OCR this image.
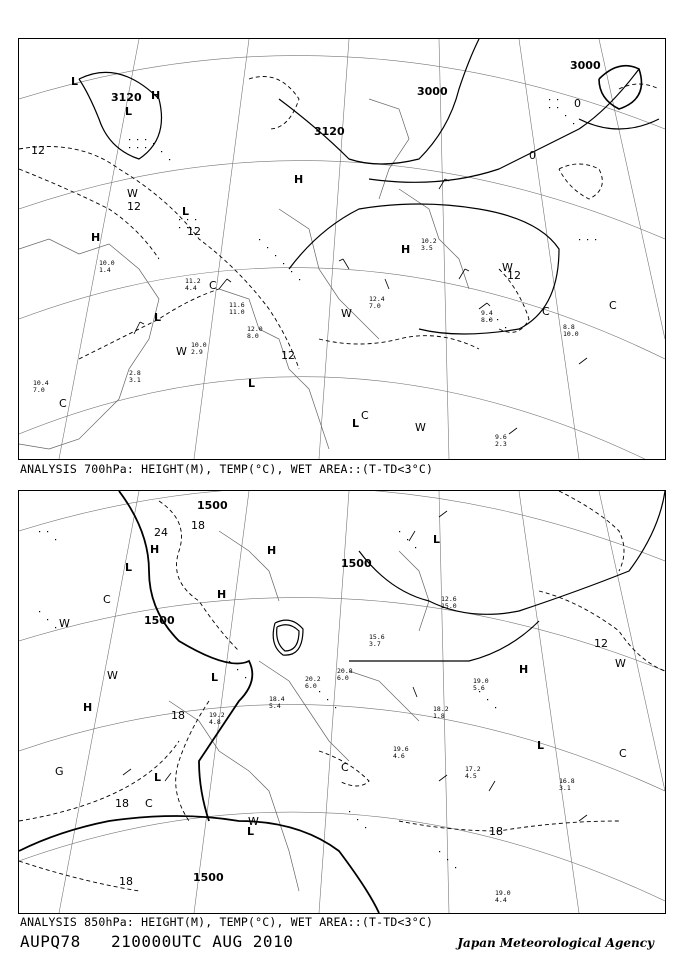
3120
3120
3000
3000
12
12
12
12
12
0
0
L
L
L
L
L
L
H
H
H
H
W
W
W
W
W
C
C
C
C	C
10.0
1.4
11.2
4.4
10.0
2.9
11.6
11.0
12.0
8.0
12.4
7.0
10.2
3.5
9.4
8.0
8.8
10.0
9.6
2.3
2.8
3.1
10.4
7.0
ANALYSIS 700hPa: HEIGHT(M), TEMP(°C), WET AREA::(T-TD<3°C)
1500
1500
1500
1500
24
18
18
18
18
12
18
H
H
H
H
H
L
L
L
L
L
L
W
W
W
W
C
C
C
C
G
19.2
4.8
18.4
5.4
20.2
6.0
15.6
3.7
19.0
5.6
18.2
1.8
19.6
4.6
17.2
4.5
16.8
3.1
19.0
4.4
12.6
15.0
20.8
6.0
ANALYSIS 850hPa: HEIGHT(M), TEMP(°C), WET AREA::(T-TD<3°C)
AUPQ78 210000UTC AUG 2010	Japan Meteorological Agency
